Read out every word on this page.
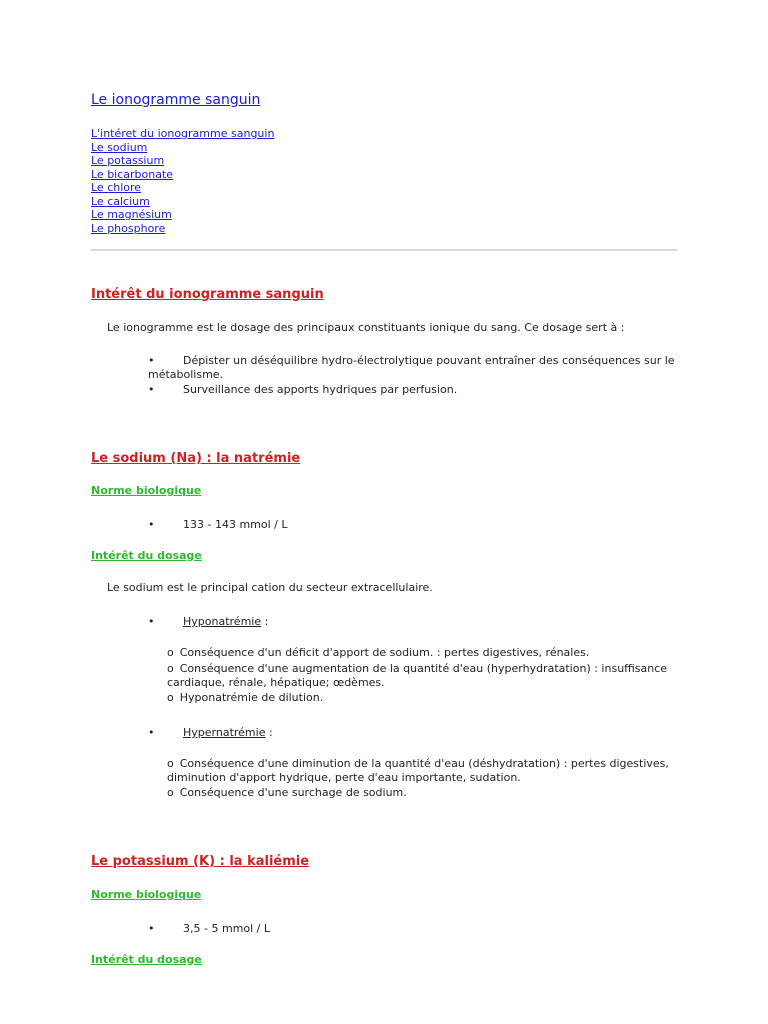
Le ionogramme sanguin
L'intéret du ionogramme sanguin
Le sodium
Le potassium
Le bicarbonate
Le chlore
Le calcium
Le magnésium
Le phosphore
Intérêt du ionogramme sanguin

Le ionogramme est le dosage des principaux constituants ionique du sang. Ce dosage sert à :

•	Dépister un déséquilibre hydro-électrolytique pouvant entraîner des conséquences sur le métabolisme.
•	Surveillance des apports hydriques par perfusion.
Le sodium (Na) : la natrémie
Norme biologique
•	133 - 143 mmol / L
Intérêt du dosage

Le sodium est le principal cation du secteur extracellulaire.

•	Hyponatrémie :
o Conséquence d'un déficit d'apport de sodium. : pertes digestives, rénales.
o Conséquence d'une augmentation de la quantité d'eau (hyperhydratation) : insuffisance cardiaque, rénale, hépatique; œdèmes.
o Hyponatrémie de dilution.
•	Hypernatrémie :
o Conséquence d'une diminution de la quantité d'eau (déshydratation) : pertes digestives, diminution d'apport hydrique, perte d'eau importante, sudation.
o Conséquence d'une surchage de sodium.
Le potassium (K) : la kaliémie
Norme biologique
•	3,5 - 5 mmol / L
Intérêt du dosage
